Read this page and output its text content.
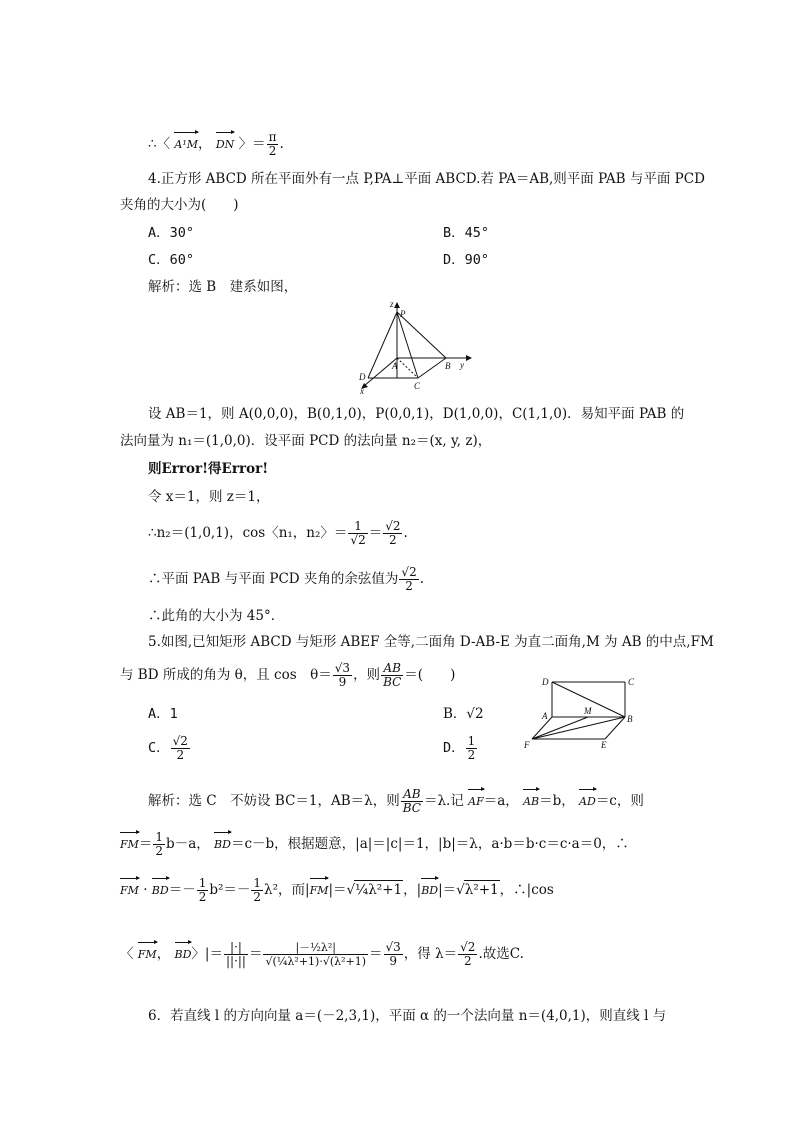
∴〈 A¹M， DN 〉＝ $\frac{\pi}{2}$ .
4.正方形 ABCD 所在平面外有一点 P,PA⊥平面 ABCD.若 PA＝AB,则平面 PAB 与平面 PCD
夹角的大小为(　　)
A．30°	B．45°
C．60°	D．90°
解析：选 B　建系如图，
z
P
A	B y
D
C
x
设 AB＝1，则 A(0,0,0)，B(0,1,0)，P(0,0,1)，D(1,0,0)，C(1,1,0)．易知平面 PAB 的
法向量为 n₁＝(1,0,0)．设平面 PCD 的法向量 n₂＝(x, y, z)，
则Error!得Error!
令 x＝1，则 z＝1，
∴n₂＝(1,0,1)，cos〈n₁，n₂〉＝ $\frac{1}{√2} = \frac{√2}{2}$ .
∴平面 PAB 与平面 PCD 夹角的余弦值为 $\frac{√2}{2}$ .
∴此角的大小为 45°．
5.如图,已知矩形 ABCD 与矩形 ABEF 全等,二面角 D-AB-E 为直二面角,M 为 AB 的中点,FM
与 BD 所成的角为 θ，且 cos　$\theta= \frac{√3}{9}$ ，则 $\frac{AB}{BC}$ ＝(　　)
A．1	B．√2
C． $\frac{√2}{2}$	D． $\frac{1}{2}$
D	C
A	M
B
F	E
解析：选 C　不妨设 BC＝1，AB＝λ，则 $\frac{AB}{BC} =\lambda$.记 AF＝a， AB＝b， AD＝c，则
$FM= \frac{1}{2} b-a$， BD＝c－b，根据题意，|a|＝|c|＝1，|b|＝λ，a·b＝b·c＝c·a＝0，∴
FM · $BD=- \frac{1}{2} b^2=- \frac{1}{2} \lambda^2$，而|FM|＝√¼λ²+1，|BD|＝√λ²+1，∴|cos
〈 FM， BD〉|＝ $\frac{|\cdot|}{||\cdot||} = \frac{\text{|－½λ²|}}{\text{√(¼λ²+1)·√(λ²+1)}} = \frac{√3}{9}$ ，得 $\lambda= \frac{√2}{2}$ .故选C.
6．若直线 l 的方向向量 a＝(－2,3,1)，平面 α 的一个法向量 n＝(4,0,1)，则直线 l 与
